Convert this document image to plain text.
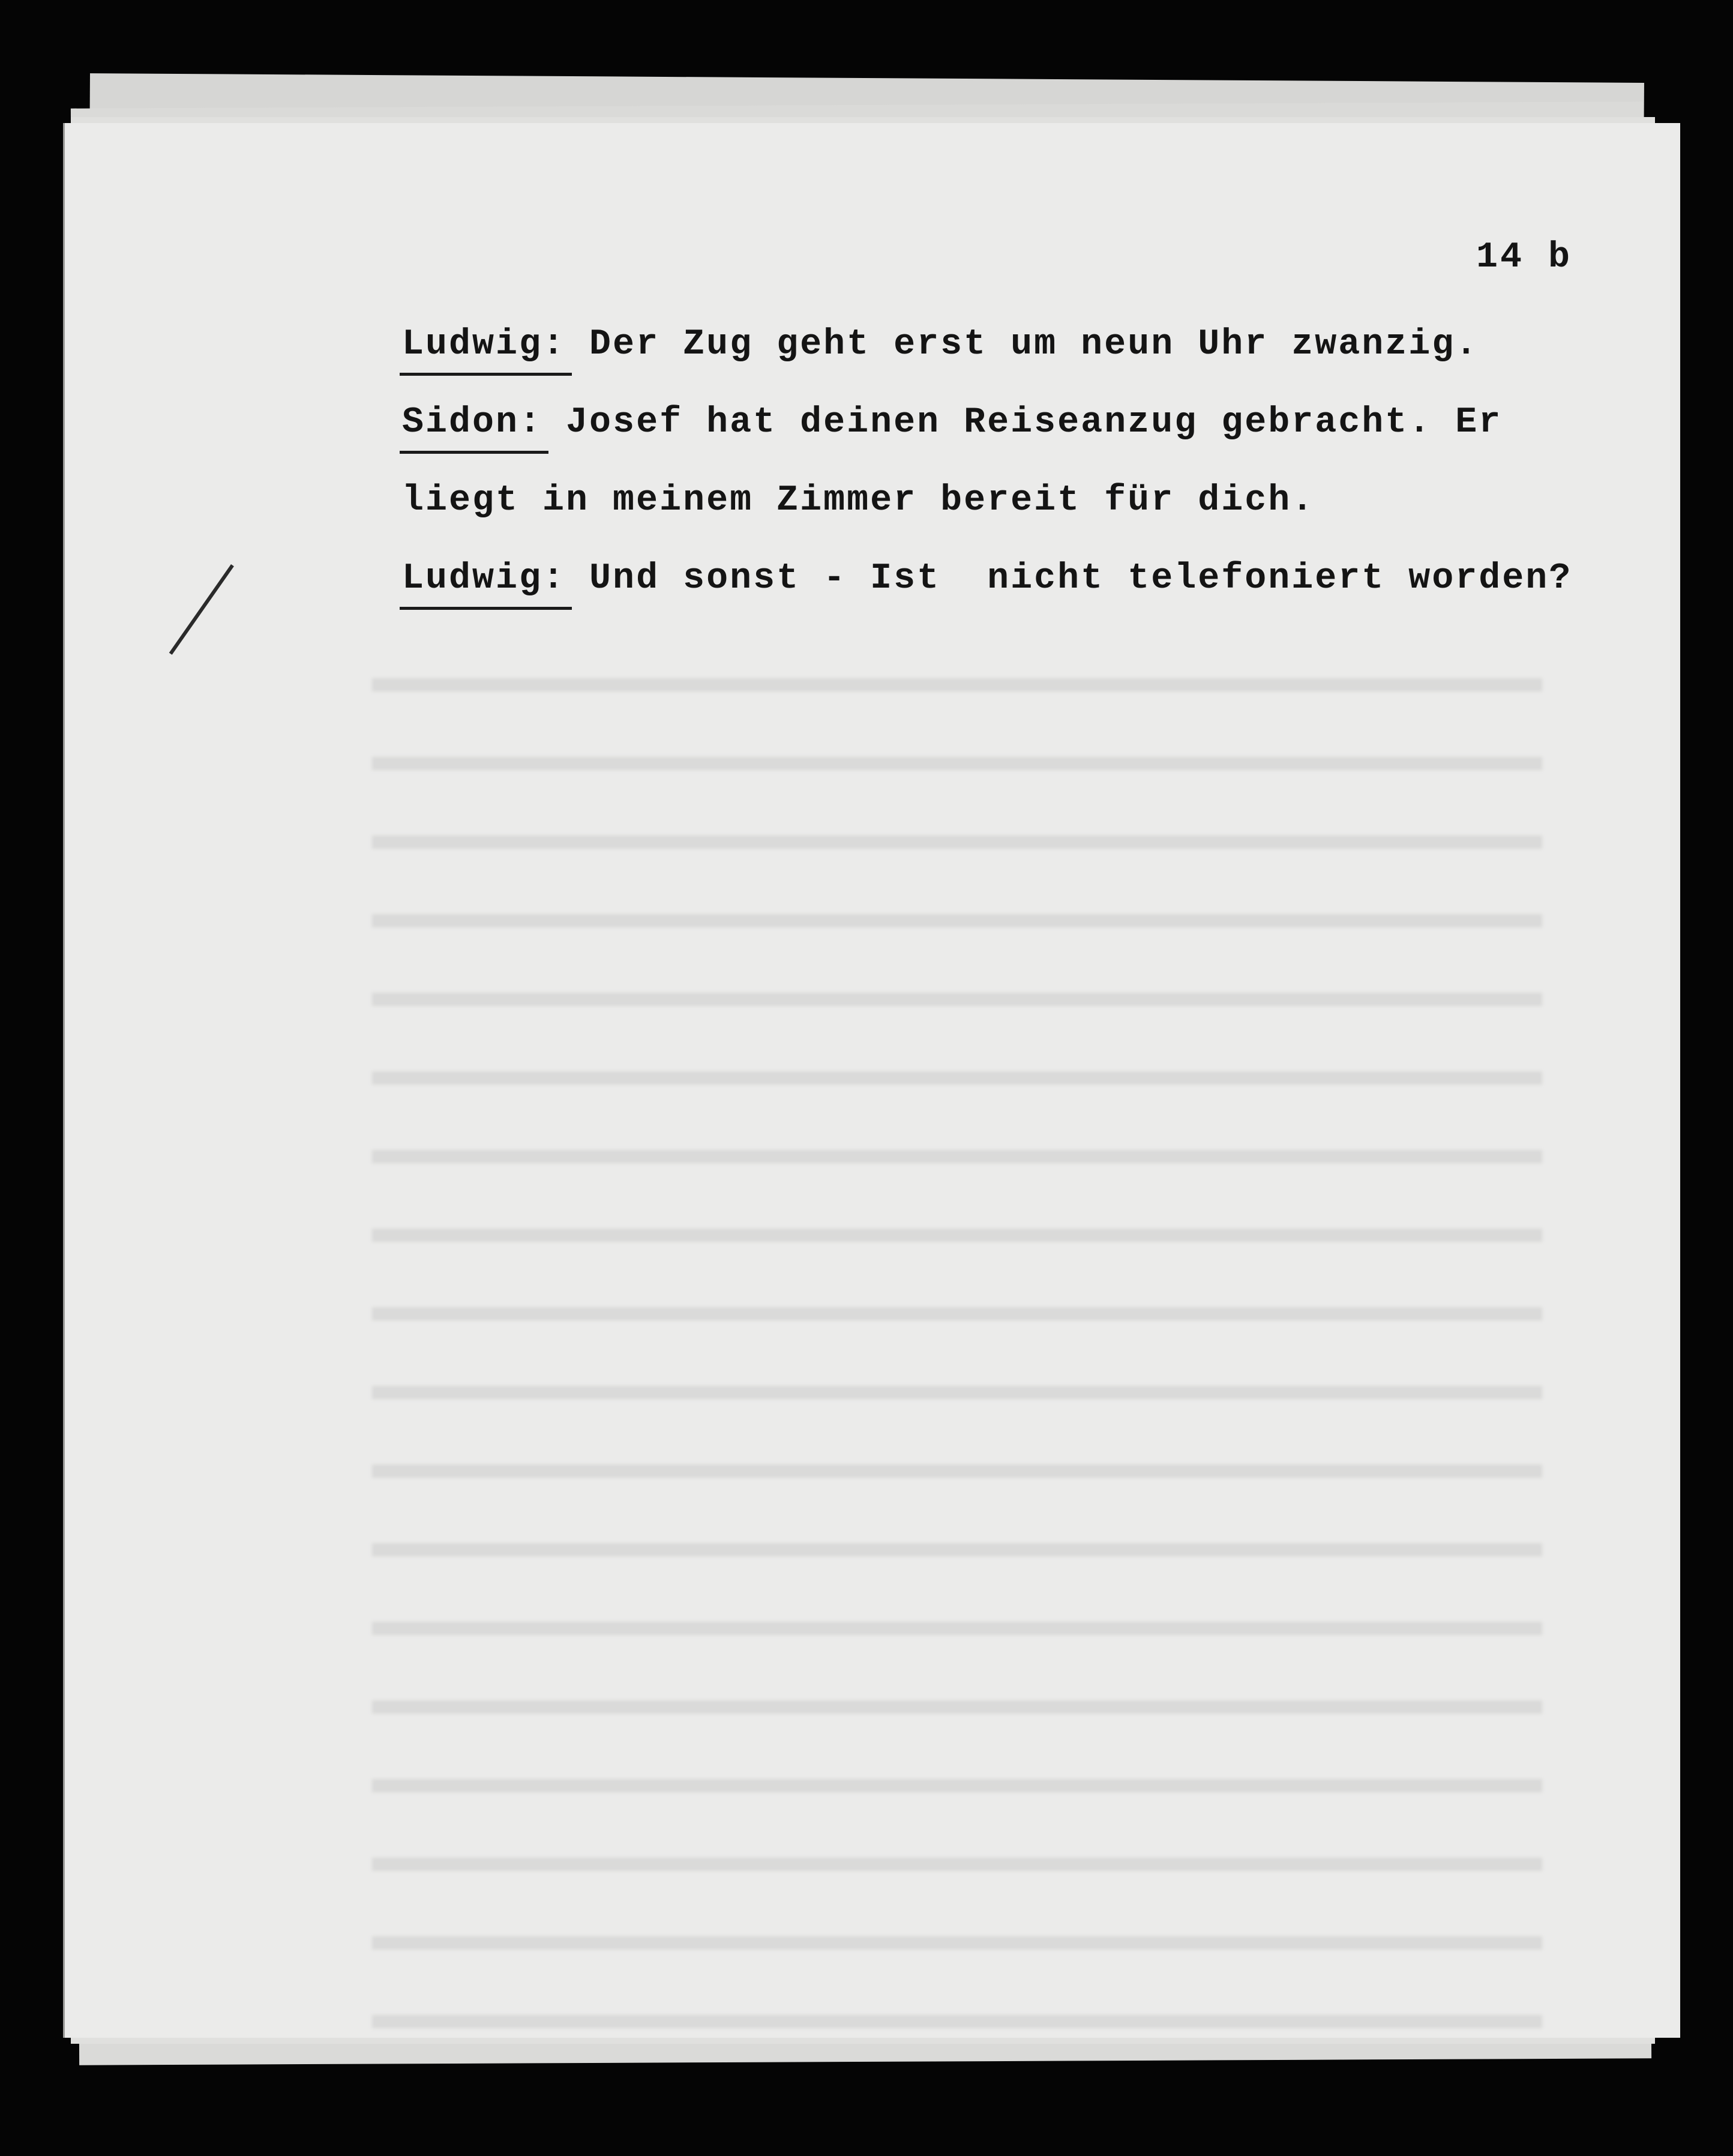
14 b
Ludwig: Der Zug geht erst um neun Uhr zwanzig.
Sidon: Josef hat deinen Reiseanzug gebracht. Er
liegt in meinem Zimmer bereit für dich.
Ludwig: Und sonst - Ist  nicht telefoniert worden?
